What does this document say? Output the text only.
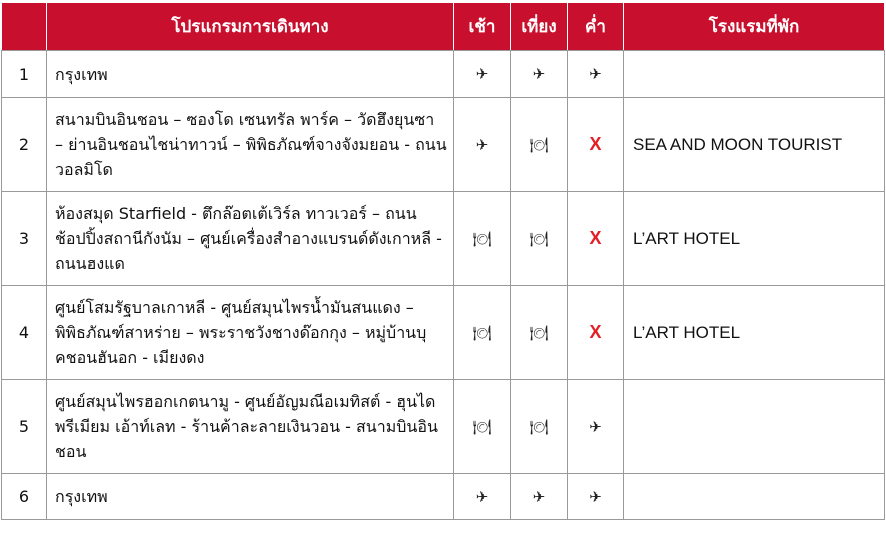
	โปรแกรมการเดินทาง	เช้า	เที่ยง	ค่ำ	โรงแรมที่พัก
1	กรุงเทพ	✈	✈	✈	
2	สนามบินอินชอน – ซองโด เซนทรัล พาร์ค – วัดฮึงยุนซา – ย่านอินชอนไชน่าทาวน์ – พิพิธภัณฑ์จางจังมยอน - ถนนวอลมิโด	✈	🍽	X	SEA AND MOON TOURIST
3	ห้องสมุด Starfield - ตึกล๊อตเต้เวิร์ล ทาวเวอร์ – ถนนช้อปปิ้งสถานีกังนัม – ศูนย์เครื่องสำอางแบรนด์ดังเกาหลี - ถนนฮงแด	🍽	🍽	X	L’ART HOTEL
4	ศูนย์โสมรัฐบาลเกาหลี - ศูนย์สมุนไพรน้ำมันสนแดง – พิพิธภัณฑ์สาหร่าย – พระราชวังชางด๊อกกุง – หมู่บ้านบุคชอนฮันอก - เมียงดง	🍽	🍽	X	L’ART HOTEL
5	ศูนย์สมุนไพรฮอกเกตนามู - ศูนย์อัญมณีอเมทิสต์ - ฮุนได พรีเมียม เอ้าท์เลท - ร้านค้าละลายเงินวอน - สนามบินอินชอน	🍽	🍽	✈	
6	กรุงเทพ	✈	✈	✈	
